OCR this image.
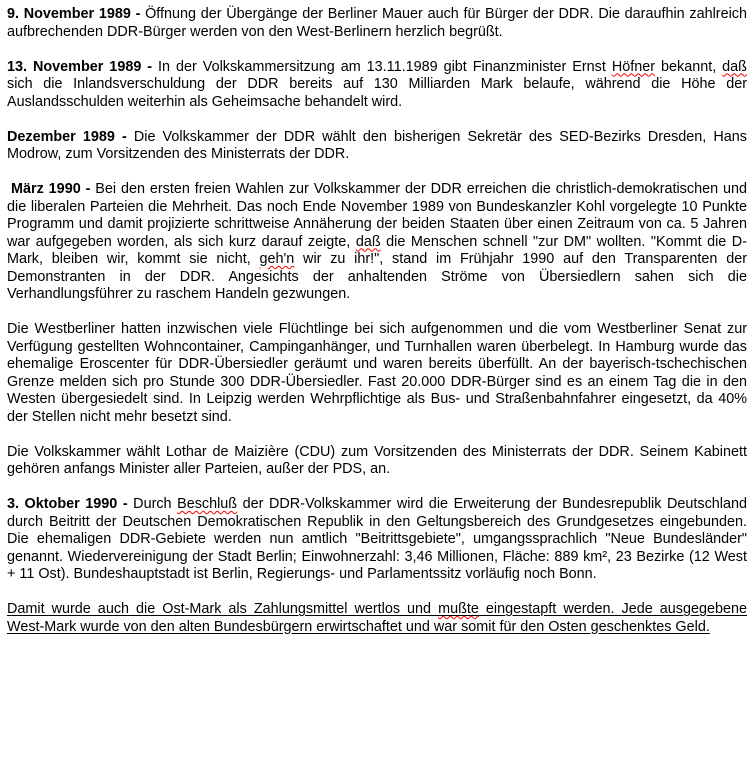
9. November 1989 - Öffnung der Übergänge der Berliner Mauer auch für Bürger der DDR. Die daraufhin zahlreich aufbrechenden DDR-Bürger werden von den West-Berlinern herzlich begrüßt.

13. November 1989 - In der Volkskammersitzung am 13.11.1989 gibt Finanzminister Ernst Höfner bekannt, daß sich die Inlandsverschuldung der DDR bereits auf 130 Milliarden Mark belaufe, während die Höhe der Auslandsschulden weiterhin als Geheimsache behandelt wird.

Dezember 1989 - Die Volkskammer der DDR wählt den bisherigen Sekretär des SED-Bezirks Dresden, Hans Modrow, zum Vorsitzenden des Ministerrats der DDR.

März 1990 - Bei den ersten freien Wahlen zur Volkskammer der DDR erreichen die christlich-demokratischen und die liberalen Parteien die Mehrheit. Das noch Ende November 1989 von Bundeskanzler Kohl vorgelegte 10 Punkte Programm und damit projizierte schrittweise Annäherung der beiden Staaten über einen Zeitraum von ca. 5 Jahren war aufgegeben worden, als sich kurz darauf zeigte, daß die Menschen schnell "zur DM" wollten. "Kommt die D-Mark, bleiben wir, kommt sie nicht, geh'n wir zu ihr!", stand im Frühjahr 1990 auf den Transparenten der Demonstranten in der DDR. Angesichts der anhaltenden Ströme von Übersiedlern sahen sich die Verhandlungsführer zu raschem Handeln gezwungen.

Die Westberliner hatten inzwischen viele Flüchtlinge bei sich aufgenommen und die vom Westberliner Senat zur Verfügung gestellten Wohncontainer, Campinganhänger, und Turnhallen waren überbelegt. In Hamburg wurde das ehemalige Eroscenter für DDR-Übersiedler geräumt und waren bereits überfüllt. An der bayerisch-tschechischen Grenze melden sich pro Stunde 300 DDR-Übersiedler. Fast 20.000 DDR-Bürger sind es an einem Tag die in den Westen übergesiedelt sind. In Leipzig werden Wehrpflichtige als Bus- und Straßenbahnfahrer eingesetzt, da 40% der Stellen nicht mehr besetzt sind.

Die Volkskammer wählt Lothar de Maizière (CDU) zum Vorsitzenden des Ministerrats der DDR. Seinem Kabinett gehören anfangs Minister aller Parteien, außer der PDS, an.

3. Oktober 1990 - Durch Beschluß der DDR-Volkskammer wird die Erweiterung der Bundesrepublik Deutschland durch Beitritt der Deutschen Demokratischen Republik in den Geltungsbereich des Grundgesetzes eingebunden. Die ehemaligen DDR-Gebiete werden nun amtlich "Beitrittsgebiete", umgangssprachlich "Neue Bundesländer" genannt. Wiedervereinigung der Stadt Berlin; Einwohnerzahl: 3,46 Millionen, Fläche: 889 km², 23 Bezirke (12 West + 11 Ost). Bundeshauptstadt ist Berlin, Regierungs- und Parlamentssitz vorläufig noch Bonn.

Damit wurde auch die Ost-Mark als Zahlungsmittel wertlos und mußte eingestapft werden. Jede ausgegebene West-Mark wurde von den alten Bundesbürgern erwirtschaftet und war somit für den Osten geschenktes Geld.
